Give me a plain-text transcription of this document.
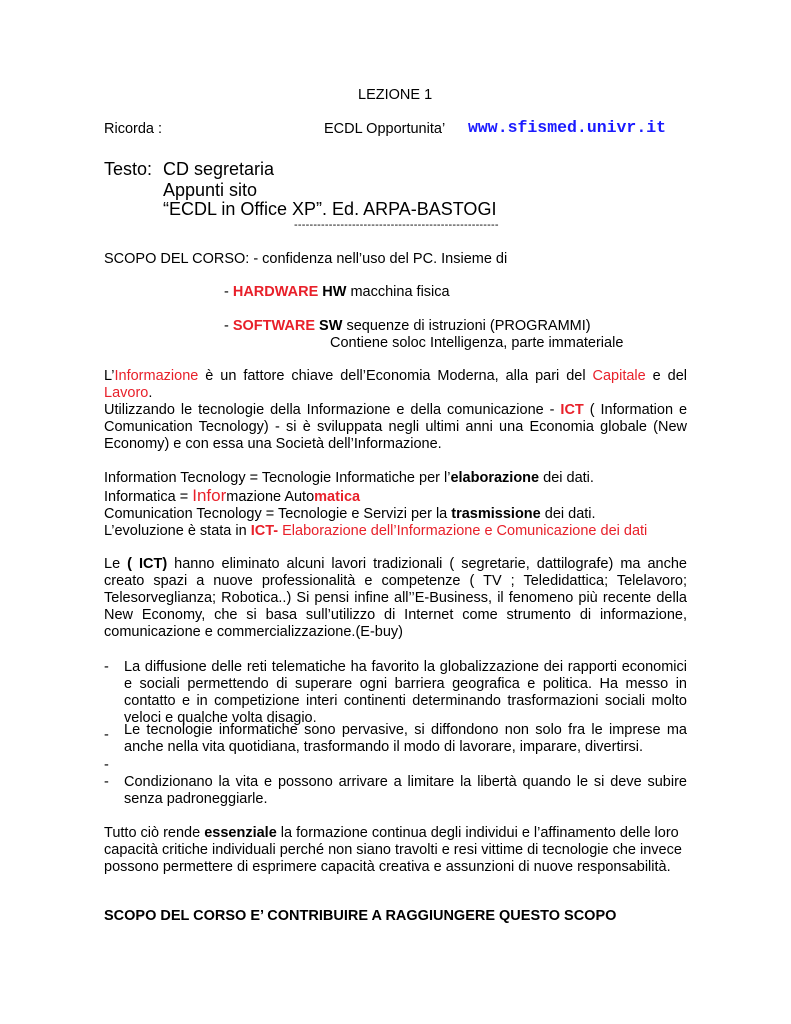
LEZIONE 1
Ricorda :	ECDL Opportunita’ www.sfismed.univr.it
Testo: CD segretaria
Appunti sito
“ECDL in Office XP”. Ed. ARPA-BASTOGI
-----------------------------------------------------
SCOPO DEL CORSO: - confidenza nell’uso del PC. Insieme di
- HARDWARE HW macchina fisica
- SOFTWARE SW sequenze di istruzioni (PROGRAMMI)
Contiene soloc Intelligenza, parte immateriale
L’Informazione è un fattore chiave dell’Economia Moderna, alla pari del Capitale e del
Lavoro.
Utilizzando le tecnologie della Informazione e della comunicazione - ICT ( Information e
Comunication Tecnology) - si è sviluppata negli ultimi anni una Economia globale (New
Economy) e con essa una Società dell’Informazione.
Information Tecnology = Tecnologie Informatiche per l’elaborazione dei dati.
Informatica = Informazione Automatica
Comunication Tecnology = Tecnologie e Servizi per la trasmissione dei dati.
L’evoluzione è stata in ICT- Elaborazione dell’Informazione e Comunicazione dei dati
Le ( ICT) hanno eliminato alcuni lavori tradizionali ( segretarie, dattilografe) ma anche
creato spazi a nuove professionalità e competenze ( TV ; Teledidattica; Telelavoro;
Telesorveglianza; Robotica..) Si pensi infine all’’E-Business, il fenomeno più recente della
New Economy, che si basa sull’utilizzo di Internet come strumento di informazione,
comunicazione e commercializzazione.(E-buy)
- La diffusione delle reti telematiche ha favorito la globalizzazione dei rapporti economici
e sociali permettendo di superare ogni barriera geografica e politica. Ha messo in
contatto e in competizione interi continenti determinando trasformazioni sociali molto
veloci e qualche volta disagio.
- Le tecnologie informatiche sono pervasive, si diffondono non solo fra le imprese ma
anche nella vita quotidiana, trasformando il modo di lavorare, imparare, divertirsi.
-
- Condizionano la vita e possono arrivare a limitare la libertà quando le si deve subire
senza padroneggiarle.
Tutto ciò rende essenziale la formazione continua degli individui e l’affinamento delle loro
capacità critiche individuali perché non siano travolti e resi vittime di tecnologie che invece
possono permettere di esprimere capacità creativa e assunzioni di nuove responsabilità.
SCOPO DEL CORSO E’ CONTRIBUIRE A RAGGIUNGERE QUESTO SCOPO
